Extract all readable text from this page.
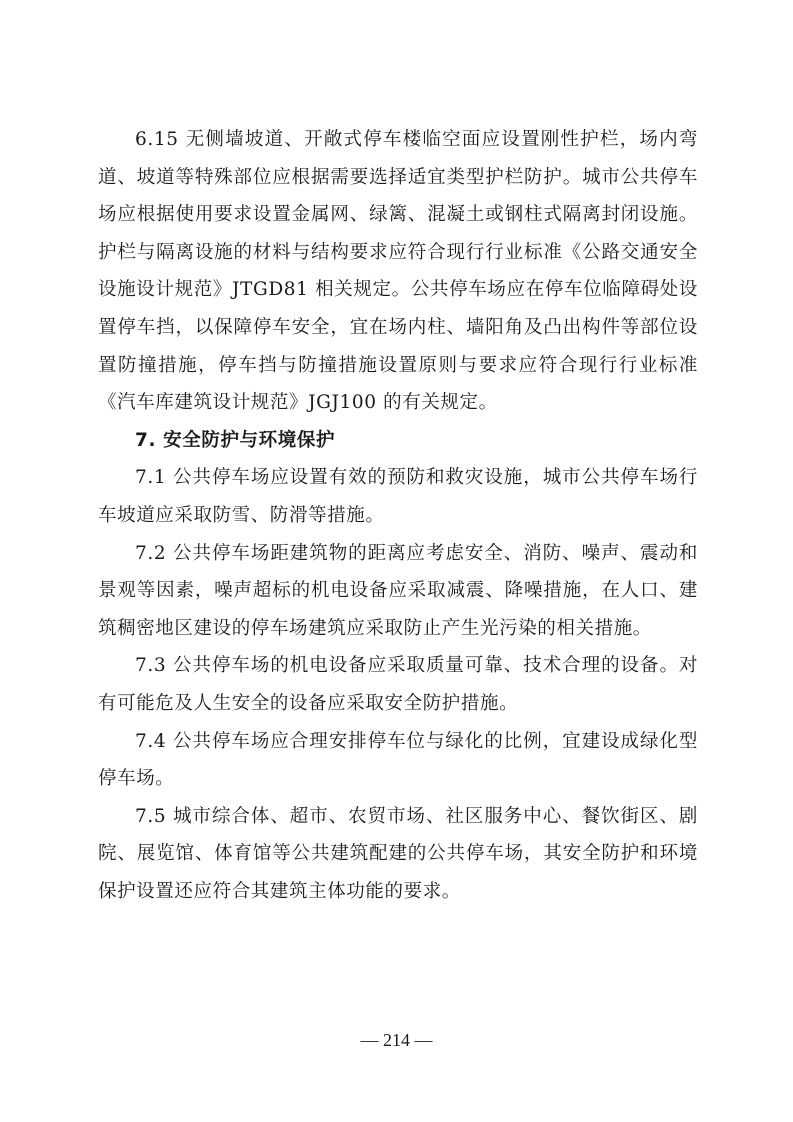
6.15 无侧墙坡道、开敞式停车楼临空面应设置刚性护栏，场内弯道、坡道等特殊部位应根据需要选择适宜类型护栏防护。城市公共停车场应根据使用要求设置金属网、绿篱、混凝土或钢柱式隔离封闭设施。护栏与隔离设施的材料与结构要求应符合现行行业标准《公路交通安全设施设计规范》JTGD81 相关规定。公共停车场应在停车位临障碍处设置停车挡，以保障停车安全，宜在场内柱、墙阳角及凸出构件等部位设置防撞措施，停车挡与防撞措施设置原则与要求应符合现行行业标准《汽车库建筑设计规范》JGJ100 的有关规定。

7. 安全防护与环境保护

7.1 公共停车场应设置有效的预防和救灾设施，城市公共停车场行车坡道应采取防雪、防滑等措施。

7.2 公共停车场距建筑物的距离应考虑安全、消防、噪声、震动和景观等因素，噪声超标的机电设备应采取减震、降噪措施，在人口、建筑稠密地区建设的停车场建筑应采取防止产生光污染的相关措施。

7.3 公共停车场的机电设备应采取质量可靠、技术合理的设备。对有可能危及人生安全的设备应采取安全防护措施。

7.4 公共停车场应合理安排停车位与绿化的比例，宜建设成绿化型停车场。

7.5 城市综合体、超市、农贸市场、社区服务中心、餐饮街区、剧院、展览馆、体育馆等公共建筑配建的公共停车场，其安全防护和环境保护设置还应符合其建筑主体功能的要求。

— 214 —
